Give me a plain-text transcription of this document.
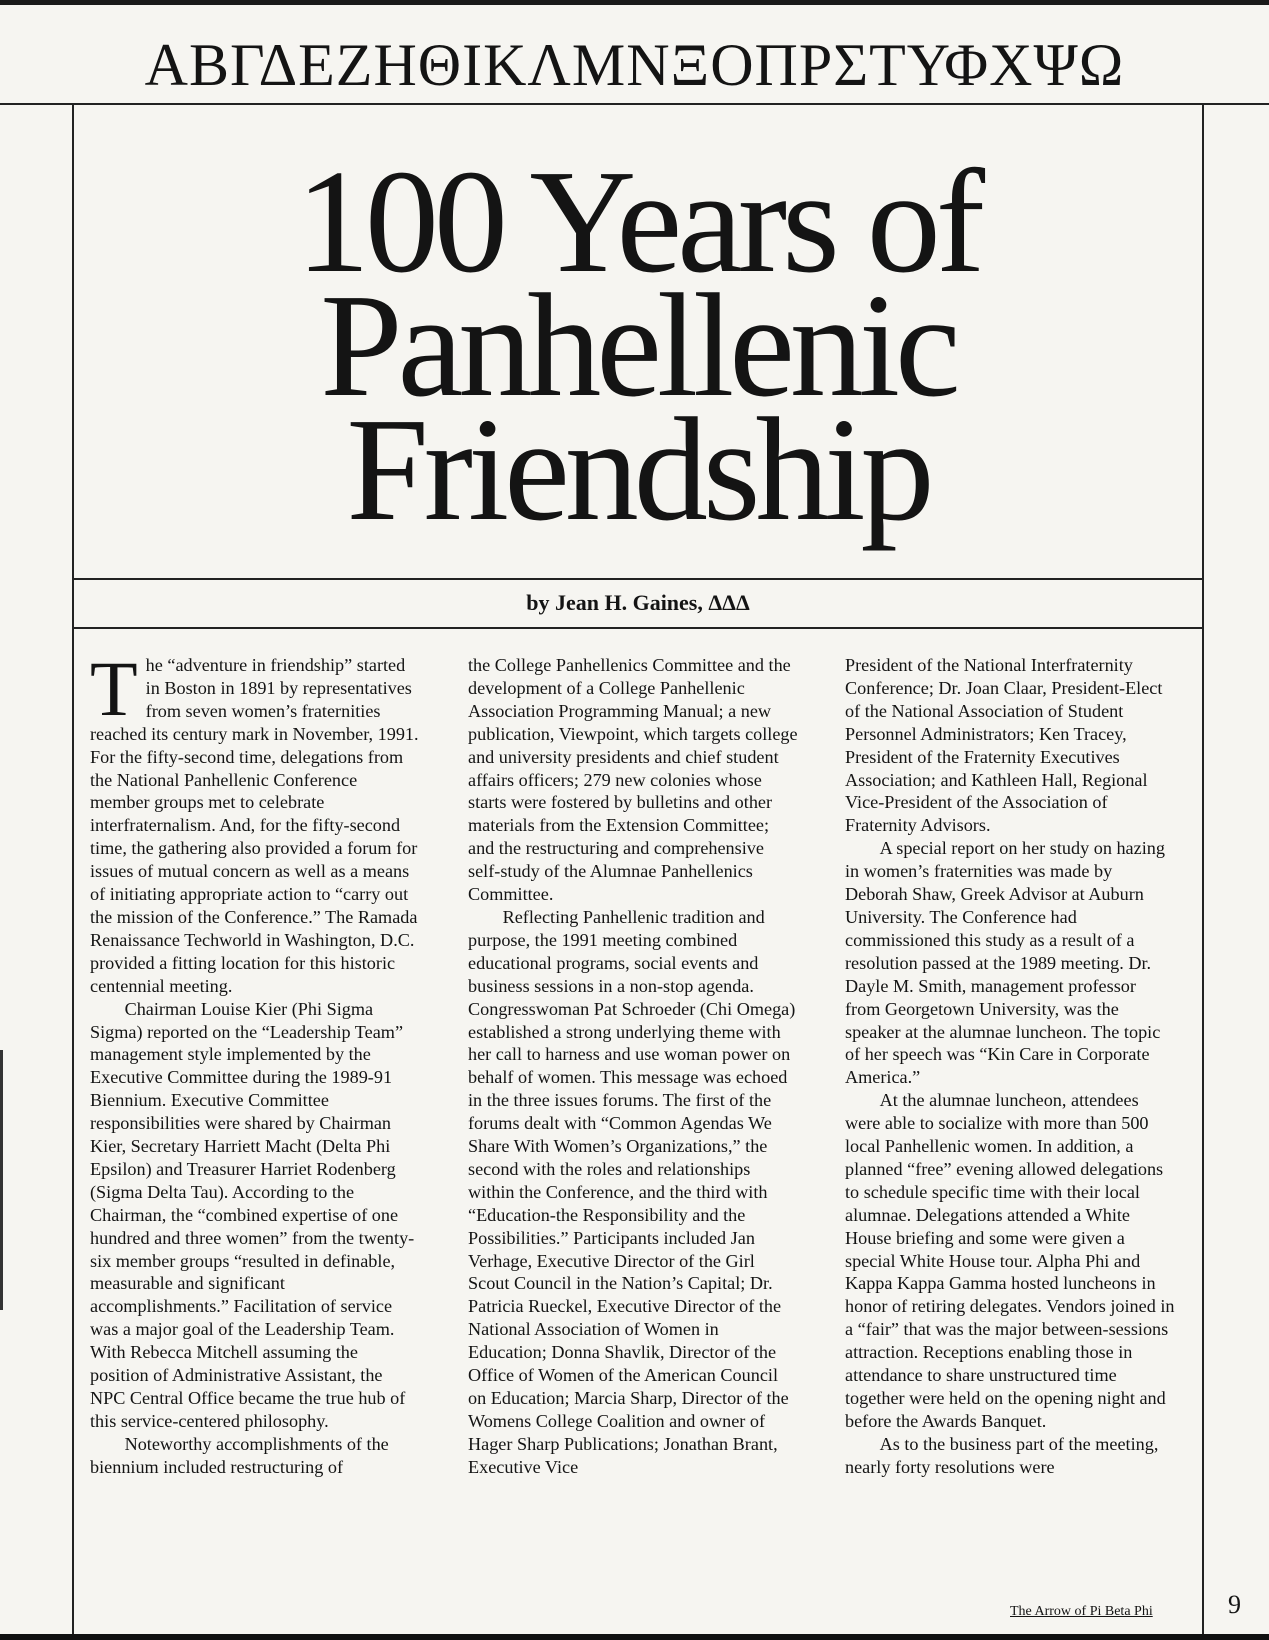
ΑΒΓΔΕΖΗΘΙΚΛΜΝΞΟΠΡΣΤΥΦΧΨΩ
100 Years of
Panhellenic
Friendship
by Jean H. Gaines, ΔΔΔ

The “adventure in friendship” started in Boston in 1891 by representatives from seven women’s fraternities reached its century mark in November, 1991. For the fifty-second time, delegations from the National Panhellenic Conference member groups met to celebrate interfraternalism. And, for the fifty-second time, the gathering also provided a forum for issues of mutual concern as well as a means of initiating appropriate action to “carry out the mission of the Conference.” The Ramada Renaissance Techworld in Washington, D.C. provided a fitting location for this historic centennial meeting.

Chairman Louise Kier (Phi Sigma Sigma) reported on the “Leadership Team” management style implemented by the Executive Committee during the 1989-91 Biennium. Executive Committee responsibilities were shared by Chairman Kier, Secretary Harriett Macht (Delta Phi Epsilon) and Treasurer Harriet Rodenberg (Sigma Delta Tau). According to the Chairman, the “combined expertise of one hundred and three women” from the twenty-six member groups “resulted in definable, measurable and significant accomplishments.” Facilitation of service was a major goal of the Leadership Team. With Rebecca Mitchell assuming the position of Administrative Assistant, the NPC Central Office became the true hub of this service-centered philosophy.

Noteworthy accomplishments of the biennium included restructuring of

the College Panhellenics Committee and the development of a College Panhellenic Association Programming Manual; a new publication, Viewpoint, which targets college and university presidents and chief student affairs officers; 279 new colonies whose starts were fostered by bulletins and other materials from the Extension Committee; and the restructuring and comprehensive self-study of the Alumnae Panhellenics Committee.

Reflecting Panhellenic tradition and purpose, the 1991 meeting combined educational programs, social events and business sessions in a non-stop agenda. Congresswoman Pat Schroeder (Chi Omega) established a strong underlying theme with her call to harness and use woman power on behalf of women. This message was echoed in the three issues forums. The first of the forums dealt with “Common Agendas We Share With Women’s Organizations,” the second with the roles and relationships within the Conference, and the third with “Education-the Responsibility and the Possibilities.” Participants included Jan Verhage, Executive Director of the Girl Scout Council in the Nation’s Capital; Dr. Patricia Rueckel, Executive Director of the National Association of Women in Education; Donna Shavlik, Director of the Office of Women of the American Council on Education; Marcia Sharp, Director of the Womens College Coalition and owner of Hager Sharp Publications; Jonathan Brant, Executive Vice

President of the National Interfraternity Conference; Dr. Joan Claar, President-Elect of the National Association of Student Personnel Administrators; Ken Tracey, President of the Fraternity Executives Association; and Kathleen Hall, Regional Vice-President of the Association of Fraternity Advisors.

A special report on her study on hazing in women’s fraternities was made by Deborah Shaw, Greek Advisor at Auburn University. The Conference had commissioned this study as a result of a resolution passed at the 1989 meeting. Dr. Dayle M. Smith, management professor from Georgetown University, was the speaker at the alumnae luncheon. The topic of her speech was “Kin Care in Corporate America.”

At the alumnae luncheon, attendees were able to socialize with more than 500 local Panhellenic women. In addition, a planned “free” evening allowed delegations to schedule specific time with their local alumnae. Delegations attended a White House briefing and some were given a special White House tour. Alpha Phi and Kappa Kappa Gamma hosted luncheons in honor of retiring delegates. Vendors joined in a “fair” that was the major between-sessions attraction. Receptions enabling those in attendance to share unstructured time together were held on the opening night and before the Awards Banquet.

As to the business part of the meeting, nearly forty resolutions were

The Arrow of Pi Beta Phi	9
